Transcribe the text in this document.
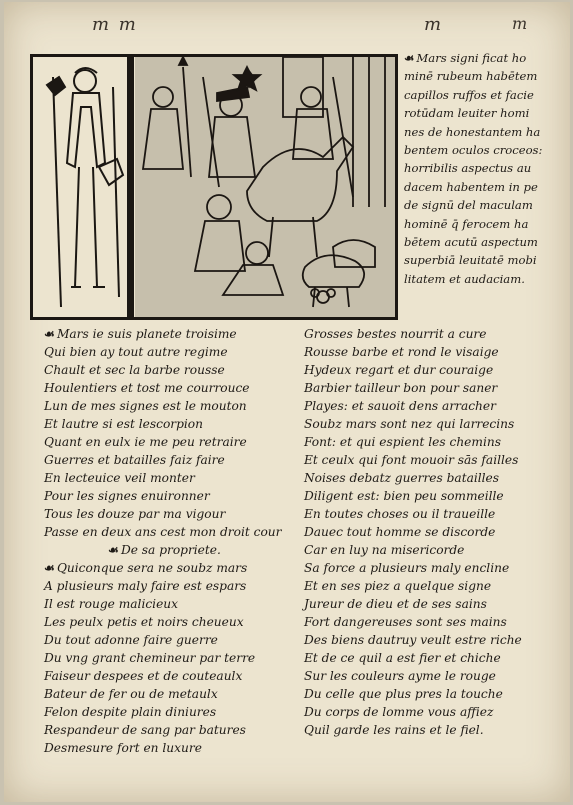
m m	m	m
☙ Mars signi ficat ho
minē rubeum habētem
capillos ruffos et facie
rotūdam leuiter homi
nes de honestantem ha
bentem oculos croceos:
horribilis aspectus au
dacem habentem in pe
de signū del maculam
hominē q̄ ferocem ha
bētem acutū aspectum
superbiā leuitatē mobi
litatem et audaciam.
☙ Mars ie suis planete troisime
Qui bien ay tout autre regime
Chault et sec la barbe rousse
Houlentiers et tost me courrouce
Lun de mes signes est le mouton
Et lautre si est lescorpion
Quant en eulx ie me peu retraire
Guerres et batailles faiz faire
En lecteuice veil monter
Pour les signes enuironner
Tous les douze par ma vigour
Passe en deux ans cest mon droit cour
☙ De sa propriete.
☙ Quiconque sera ne soubz mars
A plusieurs maly faire est espars
Il est rouge malicieux
Les peulx petis et noirs cheueux
Du tout adonne faire guerre
Du vng grant chemineur par terre
Faiseur despees et de couteaulx
Bateur de fer ou de metaulx
Felon despite plain diniures
Respandeur de sang par batures
Desmesure fort en luxure
Grosses bestes nourrit a cure
Rousse barbe et rond le visaige
Hydeux regart et dur couraige
Barbier tailleur bon pour saner
Playes: et sauoit dens arracher
Soubz mars sont nez qui larrecins
Font: et qui espient les chemins
Et ceulx qui font mouoir sās failles
Noises debatz guerres batailles
Diligent est: bien peu sommeille
En toutes choses ou il traueille
Dauec tout homme se discorde
Car en luy na misericorde
Sa force a plusieurs maly encline
Et en ses piez a quelque signe
Jureur de dieu et de ses sains
Fort dangereuses sont ses mains
Des biens dautruy veult estre riche
Et de ce quil a est fier et chiche
Sur les couleurs ayme le rouge
Du celle que plus pres la touche
Du corps de lomme vous affiez
Quil garde les rains et le fiel.
